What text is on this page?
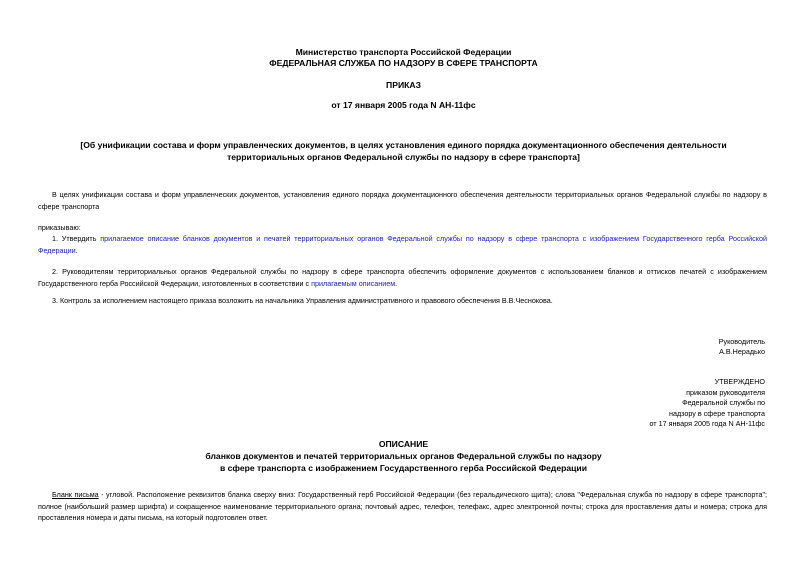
Министерство транспорта Российской Федерации
ФЕДЕРАЛЬНАЯ СЛУЖБА ПО НАДЗОРУ В СФЕРЕ ТРАНСПОРТА
ПРИКАЗ
от 17 января 2005 года N АН-11фс
[Об унификации состава и форм управленческих документов, в целях установления единого порядка документационного обеспечения деятельности
территориальных органов Федеральной службы по надзору в сфере транспорта]
В целях унификации состава и форм управленческих документов, установления единого порядка документационного обеспечения деятельности территориальных органов Федеральной службы по надзору в сфере транспорта
приказываю:
1. Утвердить прилагаемое описание бланков документов и печатей территориальных органов Федеральной службы по надзору в сфере транспорта с изображением Государственного герба Российской Федерации.
2. Руководителям территориальных органов Федеральной службы по надзору в сфере транспорта обеспечить оформление документов с использованием бланков и оттисков печатей с изображением Государственного герба Российской Федерации, изготовленных в соответствии с прилагаемым описанием.
3. Контроль за исполнением настоящего приказа возложить на начальника Управления административного и правового обеспечения В.В.Чеснокова.
Руководитель
А.В.Нерадько
УТВЕРЖДЕНО
приказом руководителя
Федеральной службы по
надзору в сфере транспорта
от 17 января 2005 года N АН-11фс
ОПИСАНИЕ
бланков документов и печатей территориальных органов Федеральной службы по надзору
в сфере транспорта с изображением Государственного герба Российской Федерации
Бланк письма - угловой. Расположение реквизитов бланка сверху вниз: Государственный герб Российской Федерации (без геральдического щита); слова "Федеральная служба по надзору в сфере транспорта"; полное (наибольший размер шрифта) и сокращенное наименование территориального органа; почтовый адрес, телефон, телефакс, адрес электронной почты; строка для проставления даты и номера; строка для проставления номера и даты письма, на который подготовлен ответ.
